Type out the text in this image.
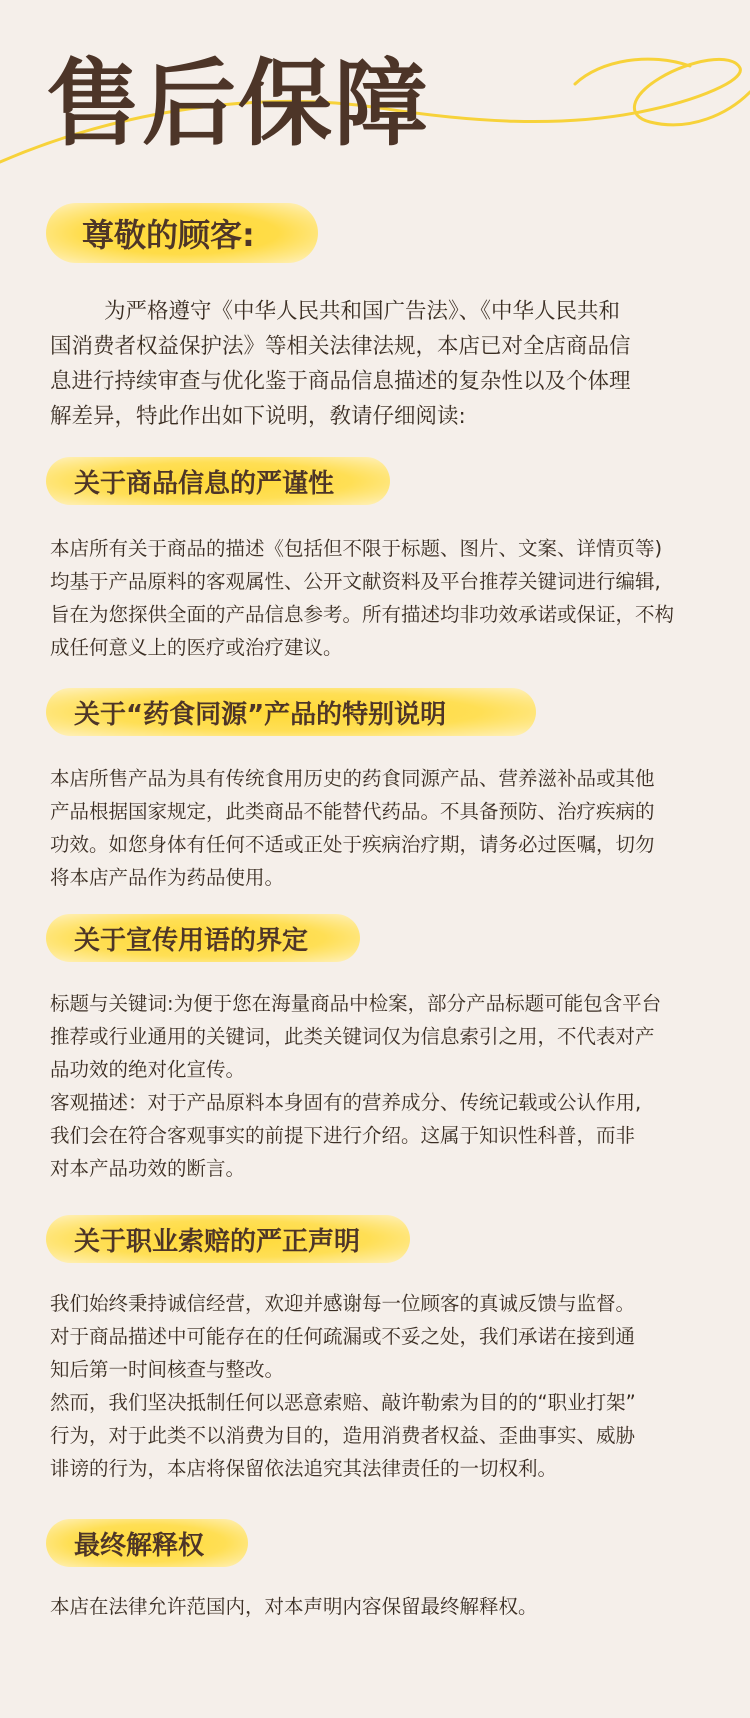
售后保障
尊敬的顾客:

为严格遵守《中华人民共和国广告法》、《中华人民共和

国消费者权益保护法》等相关法律法规，本店已对全店商品信

息进行持续审查与优化鉴于商品信息描述的复杂性以及个体理

解差异，特此作出如下说明，敎请仔细阅读:

关于商品信息的严谨性

本店所有关于商品的描述《包括但不限于标题、图片、文案、详情页等)

均基于产品原料的客观属性、公开文献资料及平台推荐关键词进行编辑,

旨在为您探供全面的产品信息参考。所有描述均非功效承诺或保证，不构

成任何意义上的医疗或治疗建议。

关于“药食同源”产品的特别说明

本店所售产品为具有传统食用历史的药食同源产品、营养滋补品或其他

产品根据国家规定，此类商品不能替代药品。不具备预防、治疗疾病的

功效。如您身体有任何不适或正处于疾病治疗期，请务必过医嘱，切勿

将本店产品作为药品使用。

关于宣传用语的界定

标题与关键词:为便于您在海量商品中检案，部分产品标题可能包含平台

推荐或行业通用的关键词，此类关键词仅为信息索引之用，不代表对产

品功效的绝对化宣传。

客观描述：对于产品原料本身固有的营养成分、传统记载或公认作用,

我们会在符合客观事实的前提下进行介绍。这属于知识性科普，而非

对本产品功效的断言。

关于职业索赔的严正声明

我们始终秉持诚信经营，欢迎并感谢每一位顾客的真诚反馈与监督。

对于商品描述中可能存在的任何疏漏或不妥之处，我们承诺在接到通

知后第一时间核查与整改。

然而，我们坚决抵制任何以恶意索赔、敲许勒索为目的的“职业打架”

行为，对于此类不以消费为目的，造用消费者权益、歪曲事实、威胁

诽谤的行为，本店将保留依法追究其法律责任的一切权利。

最终解释权

本店在法律允许范国内，对本声明内容保留最终解释权。
